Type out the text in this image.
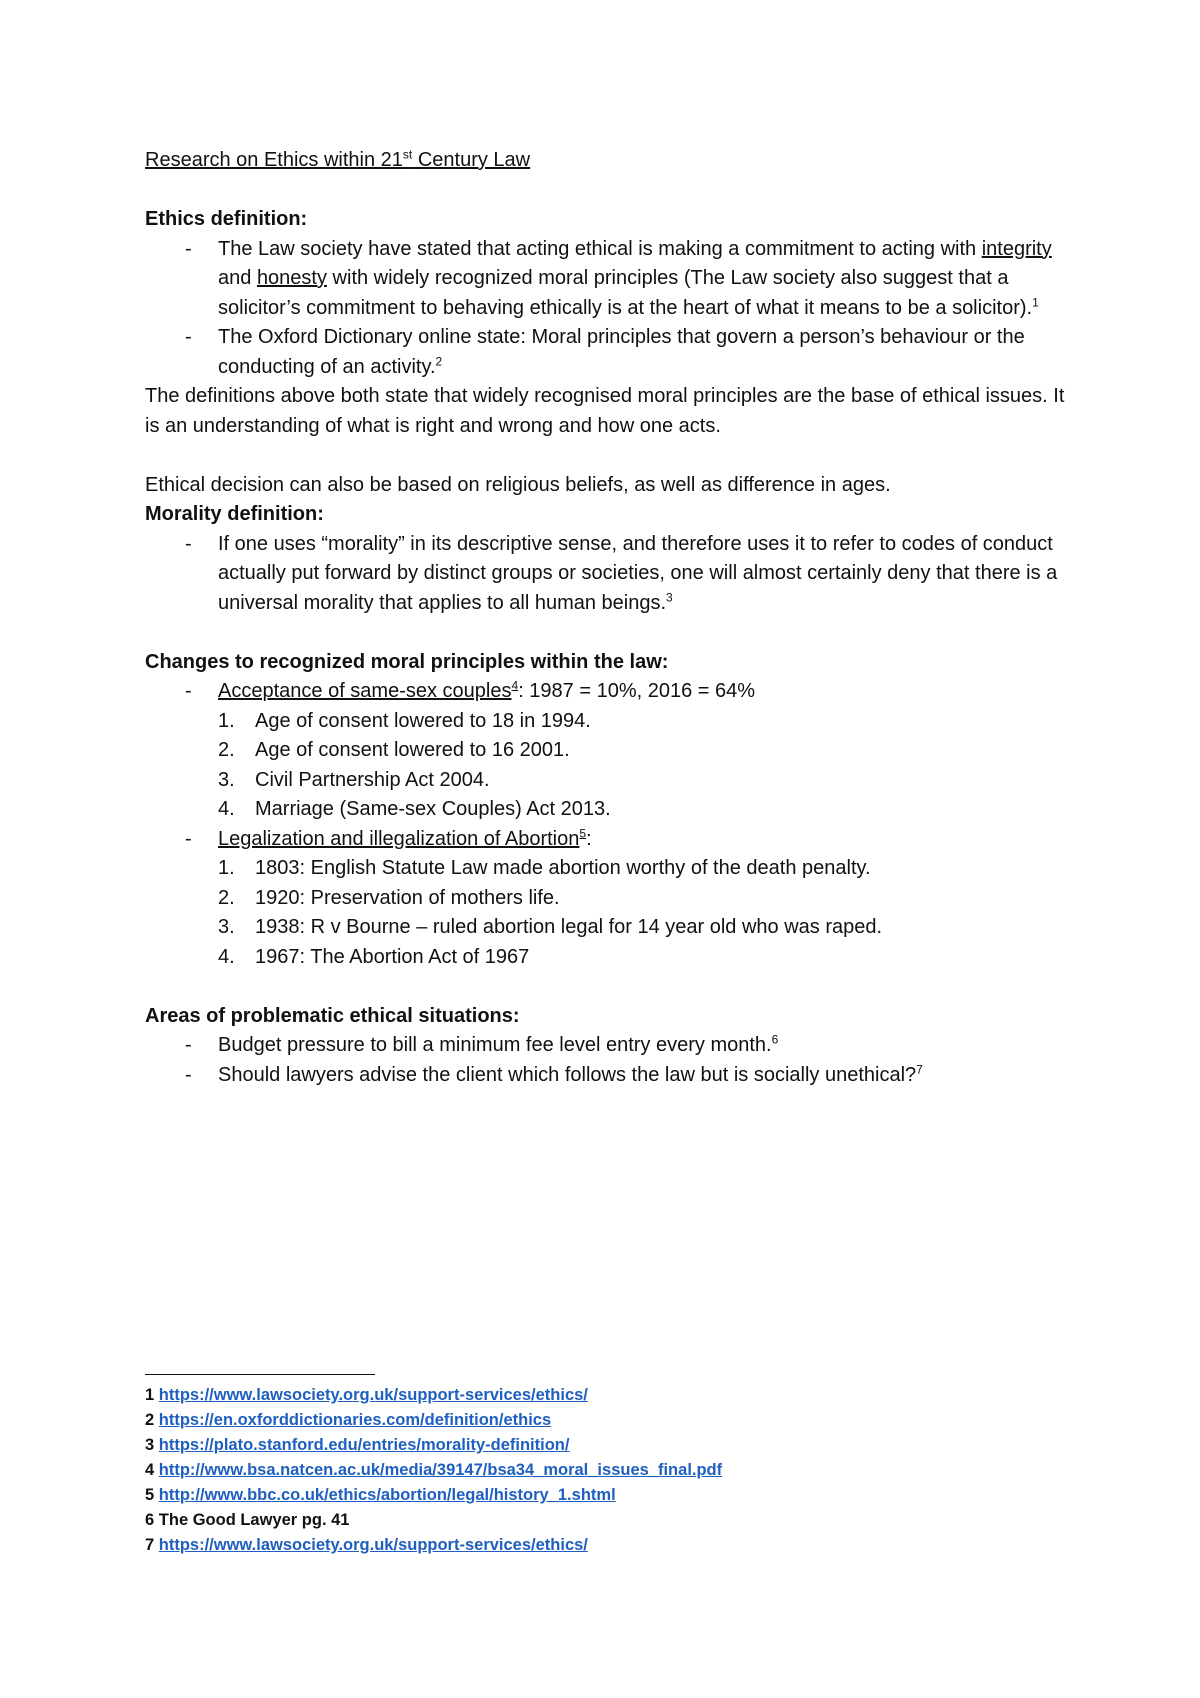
Research on Ethics within 21st Century Law

Ethics definition:

- The Law society have stated that acting ethical is making a commitment to acting with integrity and honesty with widely recognized moral principles (The Law society also suggest that a solicitor’s commitment to behaving ethically is at the heart of what it means to be a solicitor).$^1$
- The Oxford Dictionary online state: Moral principles that govern a person’s behaviour or the conducting of an activity.$^2$

The definitions above both state that widely recognised moral principles are the base of ethical issues. It is an understanding of what is right and wrong and how one acts.

Ethical decision can also be based on religious beliefs, as well as difference in ages.

Morality definition:

- If one uses “morality” in its descriptive sense, and therefore uses it to refer to codes of conduct actually put forward by distinct groups or societies, one will almost certainly deny that there is a universal morality that applies to all human beings.$^3$

Changes to recognized moral principles within the law:

- Acceptance of same-sex couples$^4$: 1987 = 10%, 2016 = 64%
1. Age of consent lowered to 18 in 1994.
2. Age of consent lowered to 16 2001.
3. Civil Partnership Act 2004.
4. Marriage (Same-sex Couples) Act 2013.
- Legalization and illegalization of Abortion$^5$:
1. 1803: English Statute Law made abortion worthy of the death penalty.
2. 1920: Preservation of mothers life.
3. 1938: R v Bourne – ruled abortion legal for 14 year old who was raped.
4. 1967: The Abortion Act of 1967

Areas of problematic ethical situations:

- Budget pressure to bill a minimum fee level entry every month.$^6$
- Should lawyers advise the client which follows the law but is socially unethical?$^7$

1 https://www.lawsociety.org.uk/support-services/ethics/

2 https://en.oxforddictionaries.com/definition/ethics

3 https://plato.stanford.edu/entries/morality-definition/

4 http://www.bsa.natcen.ac.uk/media/39147/bsa34_moral_issues_final.pdf

5 http://www.bbc.co.uk/ethics/abortion/legal/history_1.shtml

6 The Good Lawyer pg. 41

7 https://www.lawsociety.org.uk/support-services/ethics/
